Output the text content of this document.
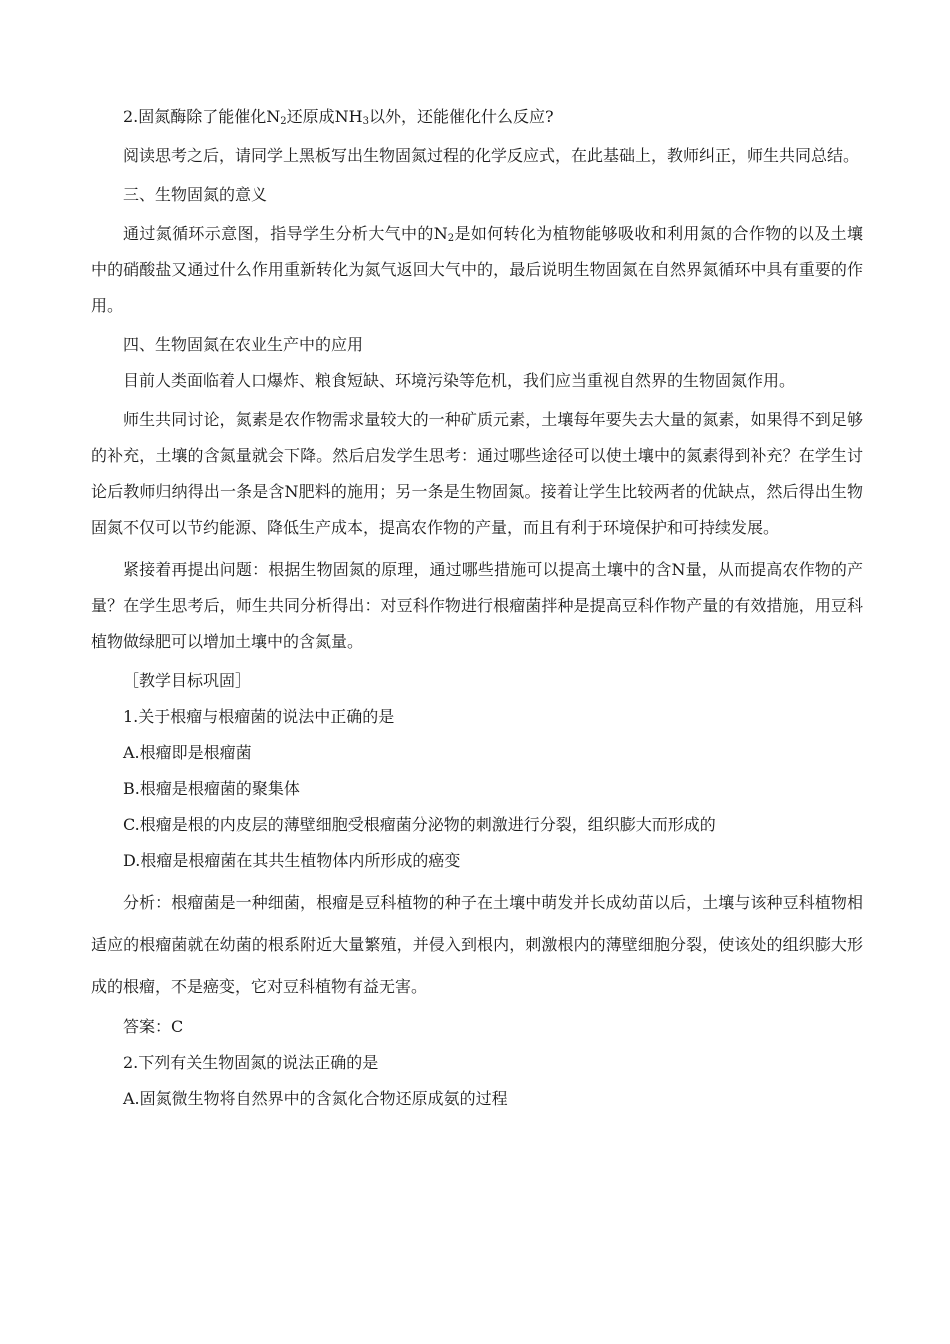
2.固氮酶除了能催化$N_2$还原成$NH_3$以外，还能催化什么反应?

阅读思考之后，请同学上黑板写出生物固氮过程的化学反应式，在此基础上，教师纠正，师生共同总结。

三、生物固氮的意义

通过氮循环示意图，指导学生分析大气中的$N_2$是如何转化为植物能够吸收和利用氮的合作物的以及土壤中的硝酸盐又通过什么作用重新转化为氮气返回大气中的，最后说明生物固氮在自然界氮循环中具有重要的作用。

四、生物固氮在农业生产中的应用

目前人类面临着人口爆炸、粮食短缺、环境污染等危机，我们应当重视自然界的生物固氮作用。

师生共同讨论，氮素是农作物需求量较大的一种矿质元素，土壤每年要失去大量的氮素，如果得不到足够的补充，土壤的含氮量就会下降。然后启发学生思考：通过哪些途径可以使土壤中的氮素得到补充？在学生讨论后教师归纳得出一条是含N肥料的施用；另一条是生物固氮。接着让学生比较两者的优缺点，然后得出生物固氮不仅可以节约能源、降低生产成本，提高农作物的产量，而且有利于环境保护和可持续发展。

紧接着再提出问题：根据生物固氮的原理，通过哪些措施可以提高土壤中的含N量，从而提高农作物的产量？在学生思考后，师生共同分析得出：对豆科作物进行根瘤菌拌种是提高豆科作物产量的有效措施，用豆科植物做绿肥可以增加土壤中的含氮量。

［教学目标巩固］

1.关于根瘤与根瘤菌的说法中正确的是

A.根瘤即是根瘤菌

B.根瘤是根瘤菌的聚集体

C.根瘤是根的内皮层的薄壁细胞受根瘤菌分泌物的刺激进行分裂，组织膨大而形成的

D.根瘤是根瘤菌在其共生植物体内所形成的癌变

分析：根瘤菌是一种细菌，根瘤是豆科植物的种子在土壤中萌发并长成幼苗以后，土壤与该种豆科植物相适应的根瘤菌就在幼菌的根系附近大量繁殖，并侵入到根内，刺激根内的薄壁细胞分裂，使该处的组织膨大形成的根瘤，不是癌变，它对豆科植物有益无害。

答案：C

2.下列有关生物固氮的说法正确的是

A.固氮微生物将自然界中的含氮化合物还原成氨的过程
